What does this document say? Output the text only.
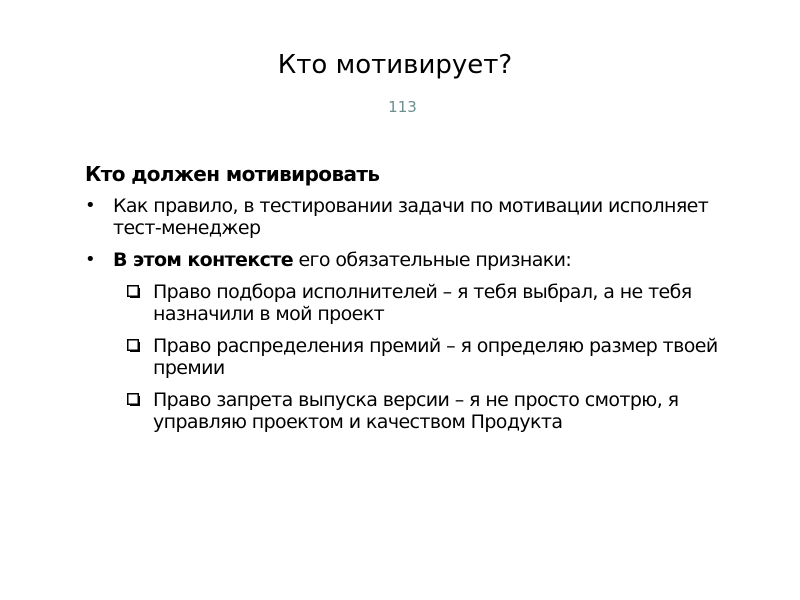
Кто мотивирует?
113
Кто должен мотивировать
• Как правило, в тестировании задачи по мотивации исполняет тест-менеджер
• В этом контексте его обязательные признаки:
Право подбора исполнителей – я тебя выбрал, а не тебя назначили в мой проект
Право распределения премий – я определяю размер твоей премии
Право запрета выпуска версии – я не просто смотрю, я управляю проектом и качеством Продукта
